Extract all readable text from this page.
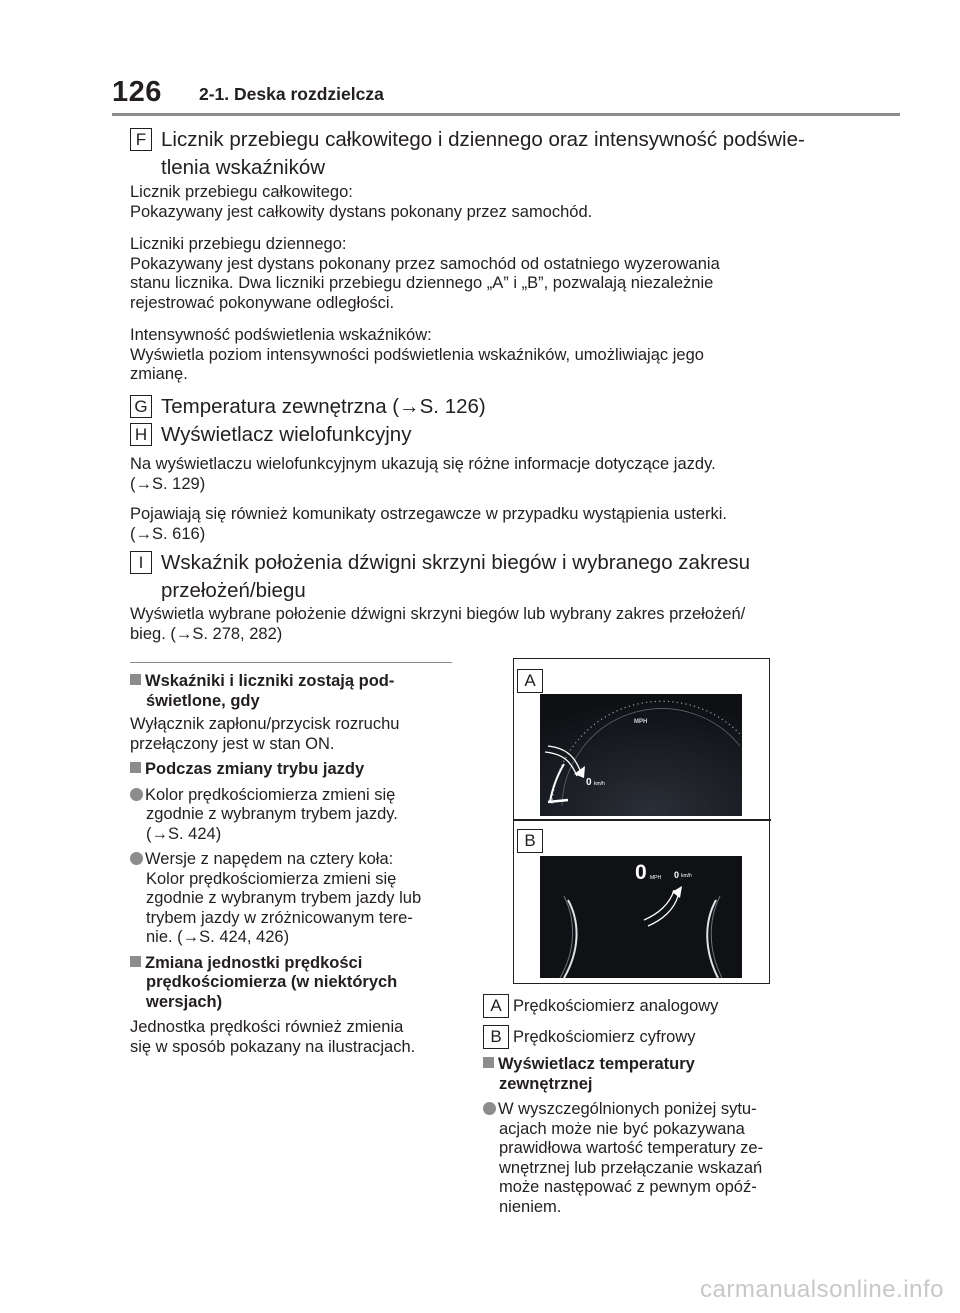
126 2-1. Deska rozdzielcza
F Licznik przebiegu całkowitego i dziennego oraz intensywność podświe-
tlenia wskaźników
Licznik przebiegu całkowitego:
Pokazywany jest całkowity dystans pokonany przez samochód.
Liczniki przebiegu dziennego:
Pokazywany jest dystans pokonany przez samochód od ostatniego wyzerowania
stanu licznika. Dwa liczniki przebiegu dziennego „A” i „B”, pozwalają niezależnie
rejestrować pokonywane odległości.
Intensywność podświetlenia wskaźników:
Wyświetla poziom intensywności podświetlenia wskaźników, umożliwiając jego
zmianę.
G Temperatura zewnętrzna (→S. 126)
H Wyświetlacz wielofunkcyjny
Na wyświetlaczu wielofunkcyjnym ukazują się różne informacje dotyczące jazdy.
(→S. 129)
Pojawiają się również komunikaty ostrzegawcze w przypadku wystąpienia usterki.
(→S. 616)
I Wskaźnik położenia dźwigni skrzyni biegów i wybranego zakresu
przełożeń/biegu
Wyświetla wybrane położenie dźwigni skrzyni biegów lub wybrany zakres przełożeń/
bieg. (→S. 278, 282)
Wskaźniki i liczniki zostają pod-
świetlone, gdy
Wyłącznik zapłonu/przycisk rozruchu
przełączony jest w stan ON.
Podczas zmiany trybu jazdy
Kolor prędkościomierza zmieni się
zgodnie z wybranym trybem jazdy.
(→S. 424)
Wersje z napędem na cztery koła:
Kolor prędkościomierza zmieni się
zgodnie z wybranym trybem jazdy lub
trybem jazdy w zróżnicowanym tere-
nie. (→S. 424, 426)
Zmiana jednostki prędkości
prędkościomierza (w niektórych
wersjach)
Jednostka prędkości również zmienia
się w sposób pokazany na ilustracjach.
A
MPH
0 km/h
B
0 MPH 0 km/h
A Prędkościomierz analogowy
B Prędkościomierz cyfrowy
Wyświetlacz temperatury
zewnętrznej
W wyszczególnionych poniżej sytu-
acjach może nie być pokazywana
prawidłowa wartość temperatury ze-
wnętrznej lub przełączanie wskazań
może następować z pewnym opóź-
nieniem.
carmanualsonline.info
